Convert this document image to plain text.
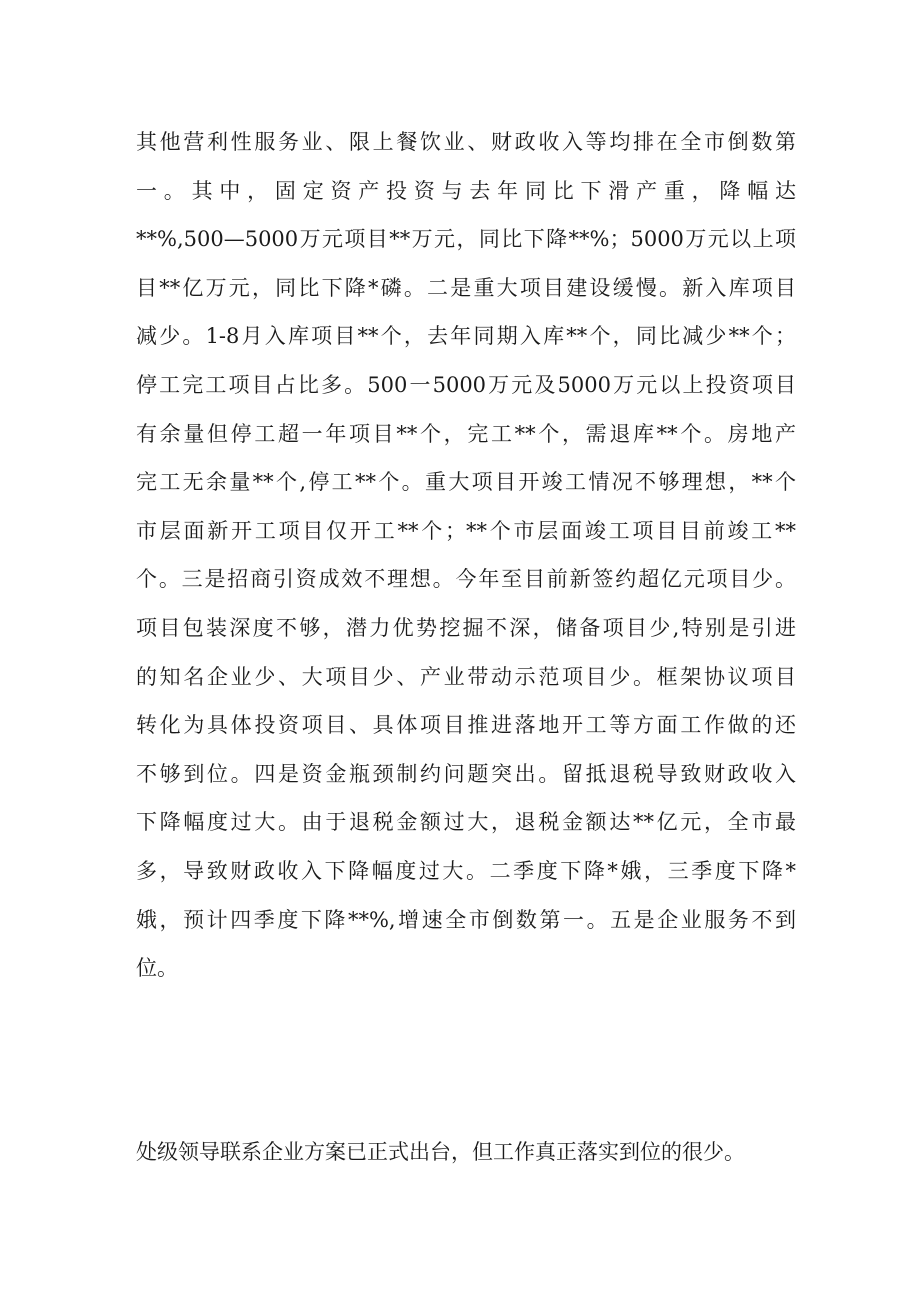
其他营利性服务业、限上餐饮业、财政收入等均排在全市倒数第
一。其中，固定资产投资与去年同比下滑产重，降幅达
**%,500—5000万元项目**万元，同比下降**%；5000万元以上项
目**亿万元，同比下降*磷。二是重大项目建设缓慢。新入库项目
减少。1-8月入库项目**个，去年同期入库**个，同比减少**个；
停工完工项目占比多。500一5000万元及5000万元以上投资项目
有余量但停工超一年项目**个，完工**个，需退库**个。房地产
完工无余量**个,停工**个。重大项目开竣工情况不够理想，**个
市层面新开工项目仅开工**个；**个市层面竣工项目目前竣工**
个。三是招商引资成效不理想。今年至目前新签约超亿元项目少。
项目包装深度不够，潜力优势挖掘不深，储备项目少,特别是引进
的知名企业少、大项目少、产业带动示范项目少。框架协议项目
转化为具体投资项目、具体项目推进落地开工等方面工作做的还
不够到位。四是资金瓶颈制约问题突出。留抵退税导致财政收入
下降幅度过大。由于退税金额过大，退税金额达**亿元，全市最
多，导致财政收入下降幅度过大。二季度下降*娥，三季度下降*
娥，预计四季度下降**%,增速全市倒数第一。五是企业服务不到
位。
处级领导联系企业方案已正式出台，但工作真正落实到位的很少。
